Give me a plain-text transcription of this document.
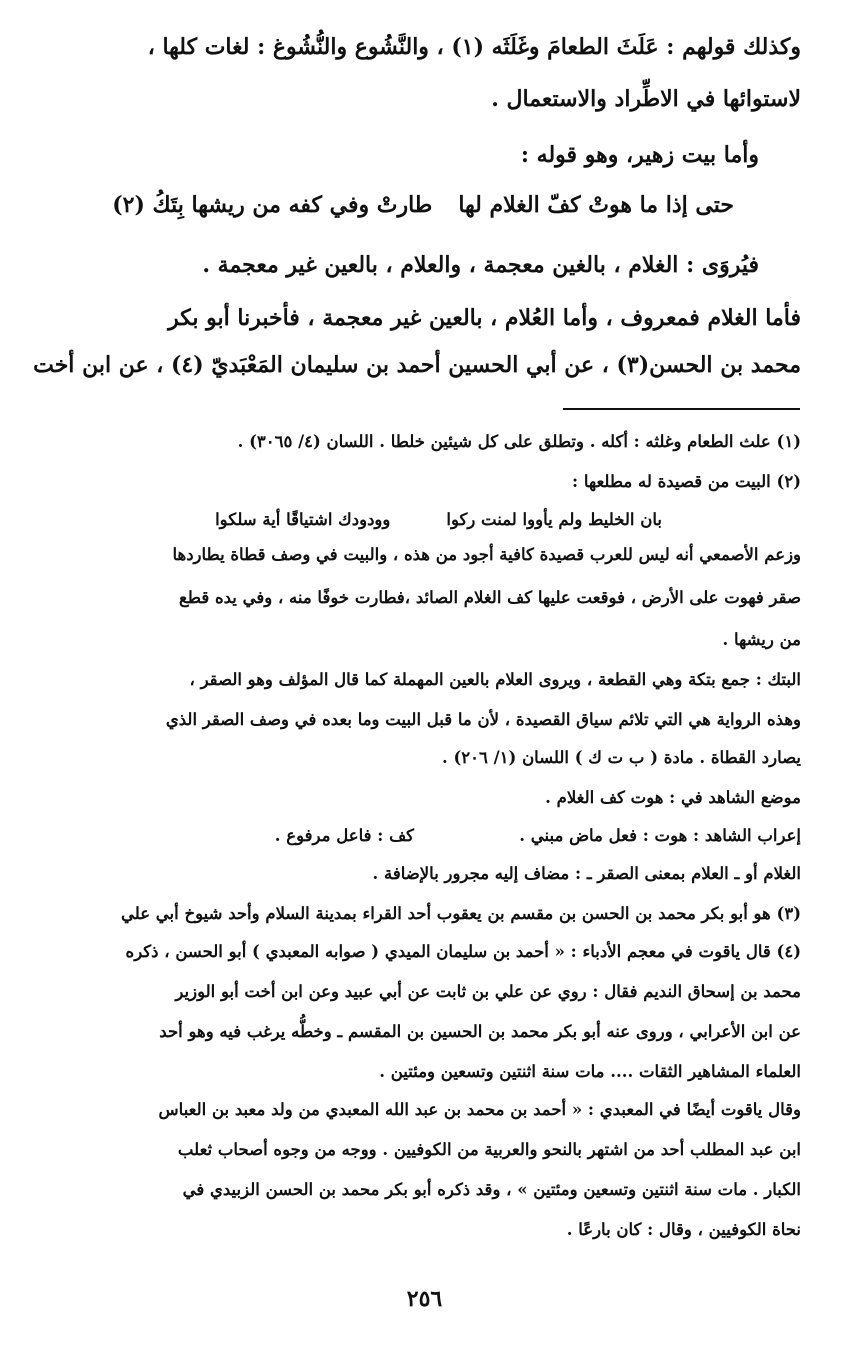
وكذلك قولهم : عَلَثَ الطعامَ وغَلَثَه (١) ، والنَّشُوع والنُّشُوغ : لغات كلها ،
لاستوائها في الاطِّراد والاستعمال .
وأما بيت زهير، وهو قوله :
حتى إذا ما هوتْ كفّ الغلام لها
طارتْ وفي كفه من ريشها بِتَكُ (٢)
فيُروَى : الغلام ، بالغين معجمة ، والعلام ، بالعين غير معجمة .
فأما الغلام فمعروف ، وأما العُلام ، بالعين غير معجمة ، فأخبرنا أبو بكر
محمد بن الحسن(٣) ، عن أبي الحسين أحمد بن سليمان المَعْبَديّ (٤) ، عن ابن أخت
(١) علث الطعام وغلثه : أكله . وتطلق على كل شيئين خلطا . اللسان (٤/ ٣٠٦٥) .
(٢) البيت من قصيدة له مطلعها :
بان الخليط ولم يأووا لمنت ركوا
وودودك اشتياقًا أية سلكوا
وزعم الأصمعي أنه ليس للعرب قصيدة كافية أجود من هذه ، والبيت في وصف قطاة يطاردها
صقر فهوت على الأرض ، فوقعت عليها كف الغلام الصائد ،فطارت خوفًا منه ، وفي يده قطع
من ريشها .
البتك : جمع بتكة وهي القطعة ، ويروى العلام بالعين المهملة كما قال المؤلف وهو الصقر ،
وهذه الرواية هي التي تلائم سياق القصيدة ، لأن ما قبل البيت وما بعده في وصف الصقر الذي
يصارد القطاة . مادة ( ب ت ك ) اللسان (١/ ٢٠٦) .
موضع الشاهد في : هوت كف الغلام .
إعراب الشاهد : هوت : فعل ماض مبني .
كف : فاعل مرفوع .
الغلام أو ـ العلام بمعنى الصقر ـ : مضاف إليه مجرور بالإضافة .
(٣) هو أبو بكر محمد بن الحسن بن مقسم بن يعقوب أحد القراء بمدينة السلام وأحد شيوخ أبي علي
(٤) قال ياقوت في معجم الأدباء : « أحمد بن سليمان الميدي ( صوابه المعبدي ) أبو الحسن ، ذكره
محمد بن إسحاق النديم فقال : روي عن علي بن ثابت عن أبي عبيد وعن ابن أخت أبو الوزير
عن ابن الأعرابي ، وروى عنه أبو بكر محمد بن الحسين بن المقسم ـ وخطُّه يرغب فيه وهو أحد
العلماء المشاهير الثقات .... مات سنة اثنتين وتسعين ومئتين .
وقال ياقوت أيضًا في المعبدي : « أحمد بن محمد بن عبد الله المعبدي من ولد معبد بن العباس
ابن عبد المطلب أحد من اشتهر بالنحو والعربية من الكوفيين . ووجه من وجوه أصحاب ثعلب
الكبار . مات سنة اثنتين وتسعين ومئتين » ، وقد ذكره أبو بكر محمد بن الحسن الزبيدي في
نحاة الكوفيين ، وقال : كان بارعًا .
٢٥٦
